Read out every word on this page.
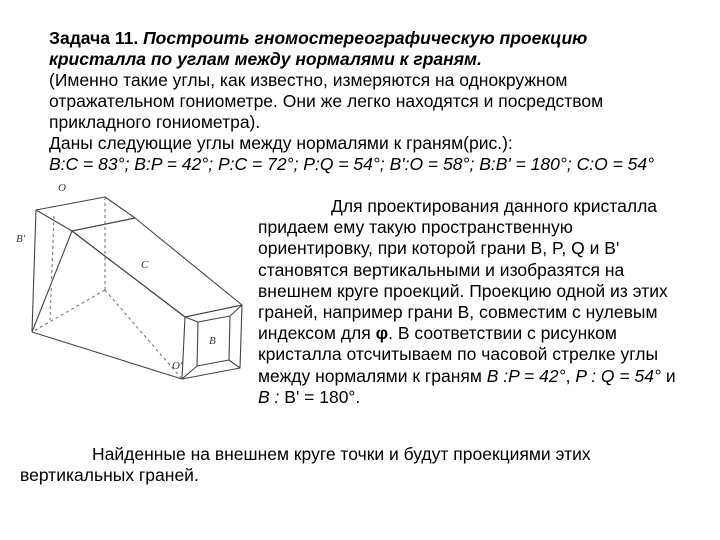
Задача 11. Построить гномостереографическую проекцию
кристалла по углам между нормалями к граням.
(Именно такие углы, как известно, измеряются на однокружном
отражательном гониометре. Они же легко находятся и посредством
прикладного гониометра).
Даны следующие углы между нормалями к граням(рис.):
B:C = 83°; B:P = 42°; P:C = 72°; P:Q = 54°; B':O = 58°; B:B' = 180°; C:O = 54°
O
B'
C
B
O'
Для проектирования данного кристалла
придаем ему такую пространственную
ориентировку, при которой грани B, P, Q и B'
становятся вертикальными и изобразятся на
внешнем круге проекций. Проекцию одной из этих
граней, например грани B, совместим с нулевым
индексом для φ. В соответствии с рисунком
кристалла отсчитываем по часовой стрелке углы
между нормалями к граням B :P = 42°, P : Q = 54° и
B : B' = 180°.
Найденные на внешнем круге точки и будут проекциями этих
вертикальных граней.
